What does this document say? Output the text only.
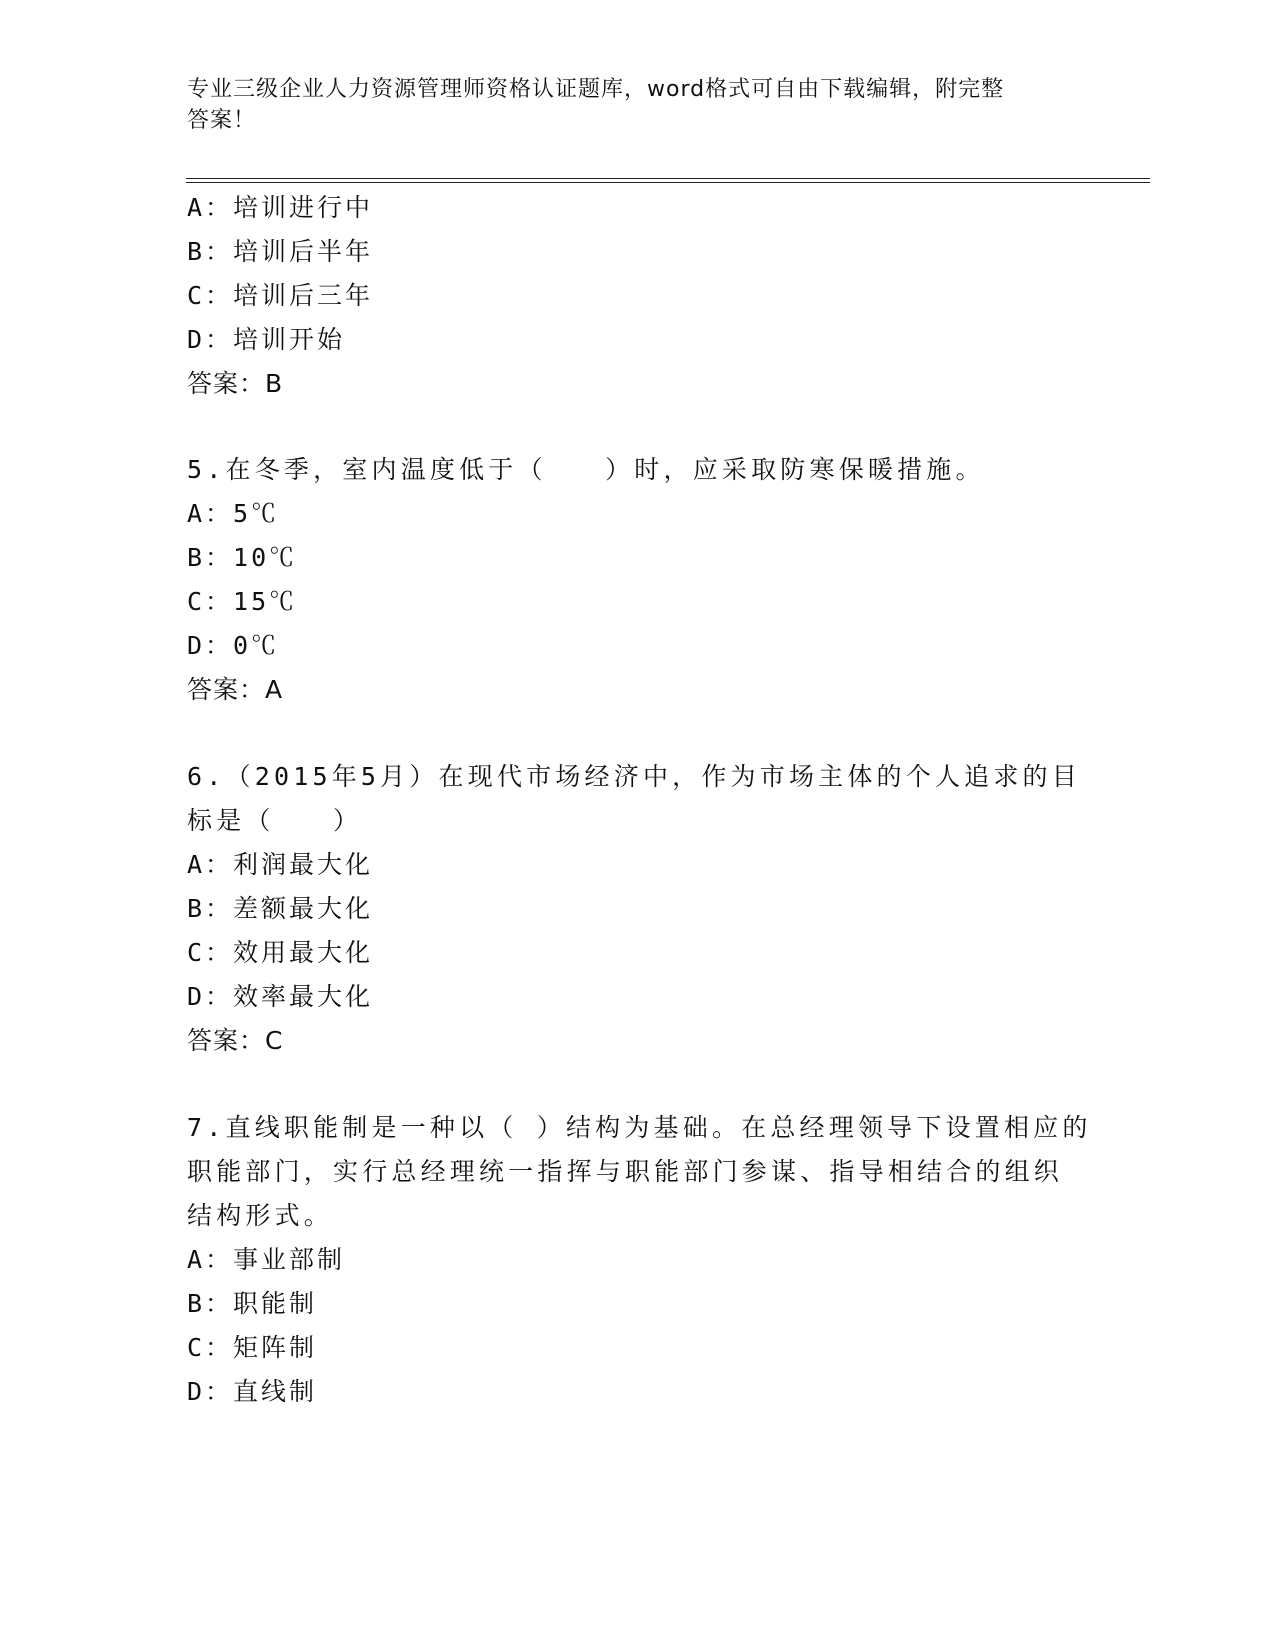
专业三级企业人力资源管理师资格认证题库，word格式可自由下载编辑，附完整
答案！
A：培训进行中
B：培训后半年
C：培训后三年
D：培训开始
答案：B
5.在冬季，室内温度低于（　　）时，应采取防寒保暖措施。
A：5℃
B：10℃
C：15℃
D：0℃
答案：A
6.（2015年5月）在现代市场经济中，作为市场主体的个人追求的目
标是（　　）
A：利润最大化
B：差额最大化
C：效用最大化
D：效率最大化
答案：C
7.直线职能制是一种以（ ）结构为基础。在总经理领导下设置相应的
职能部门，实行总经理统一指挥与职能部门参谋、指导相结合的组织
结构形式。
A：事业部制
B：职能制
C：矩阵制
D：直线制
